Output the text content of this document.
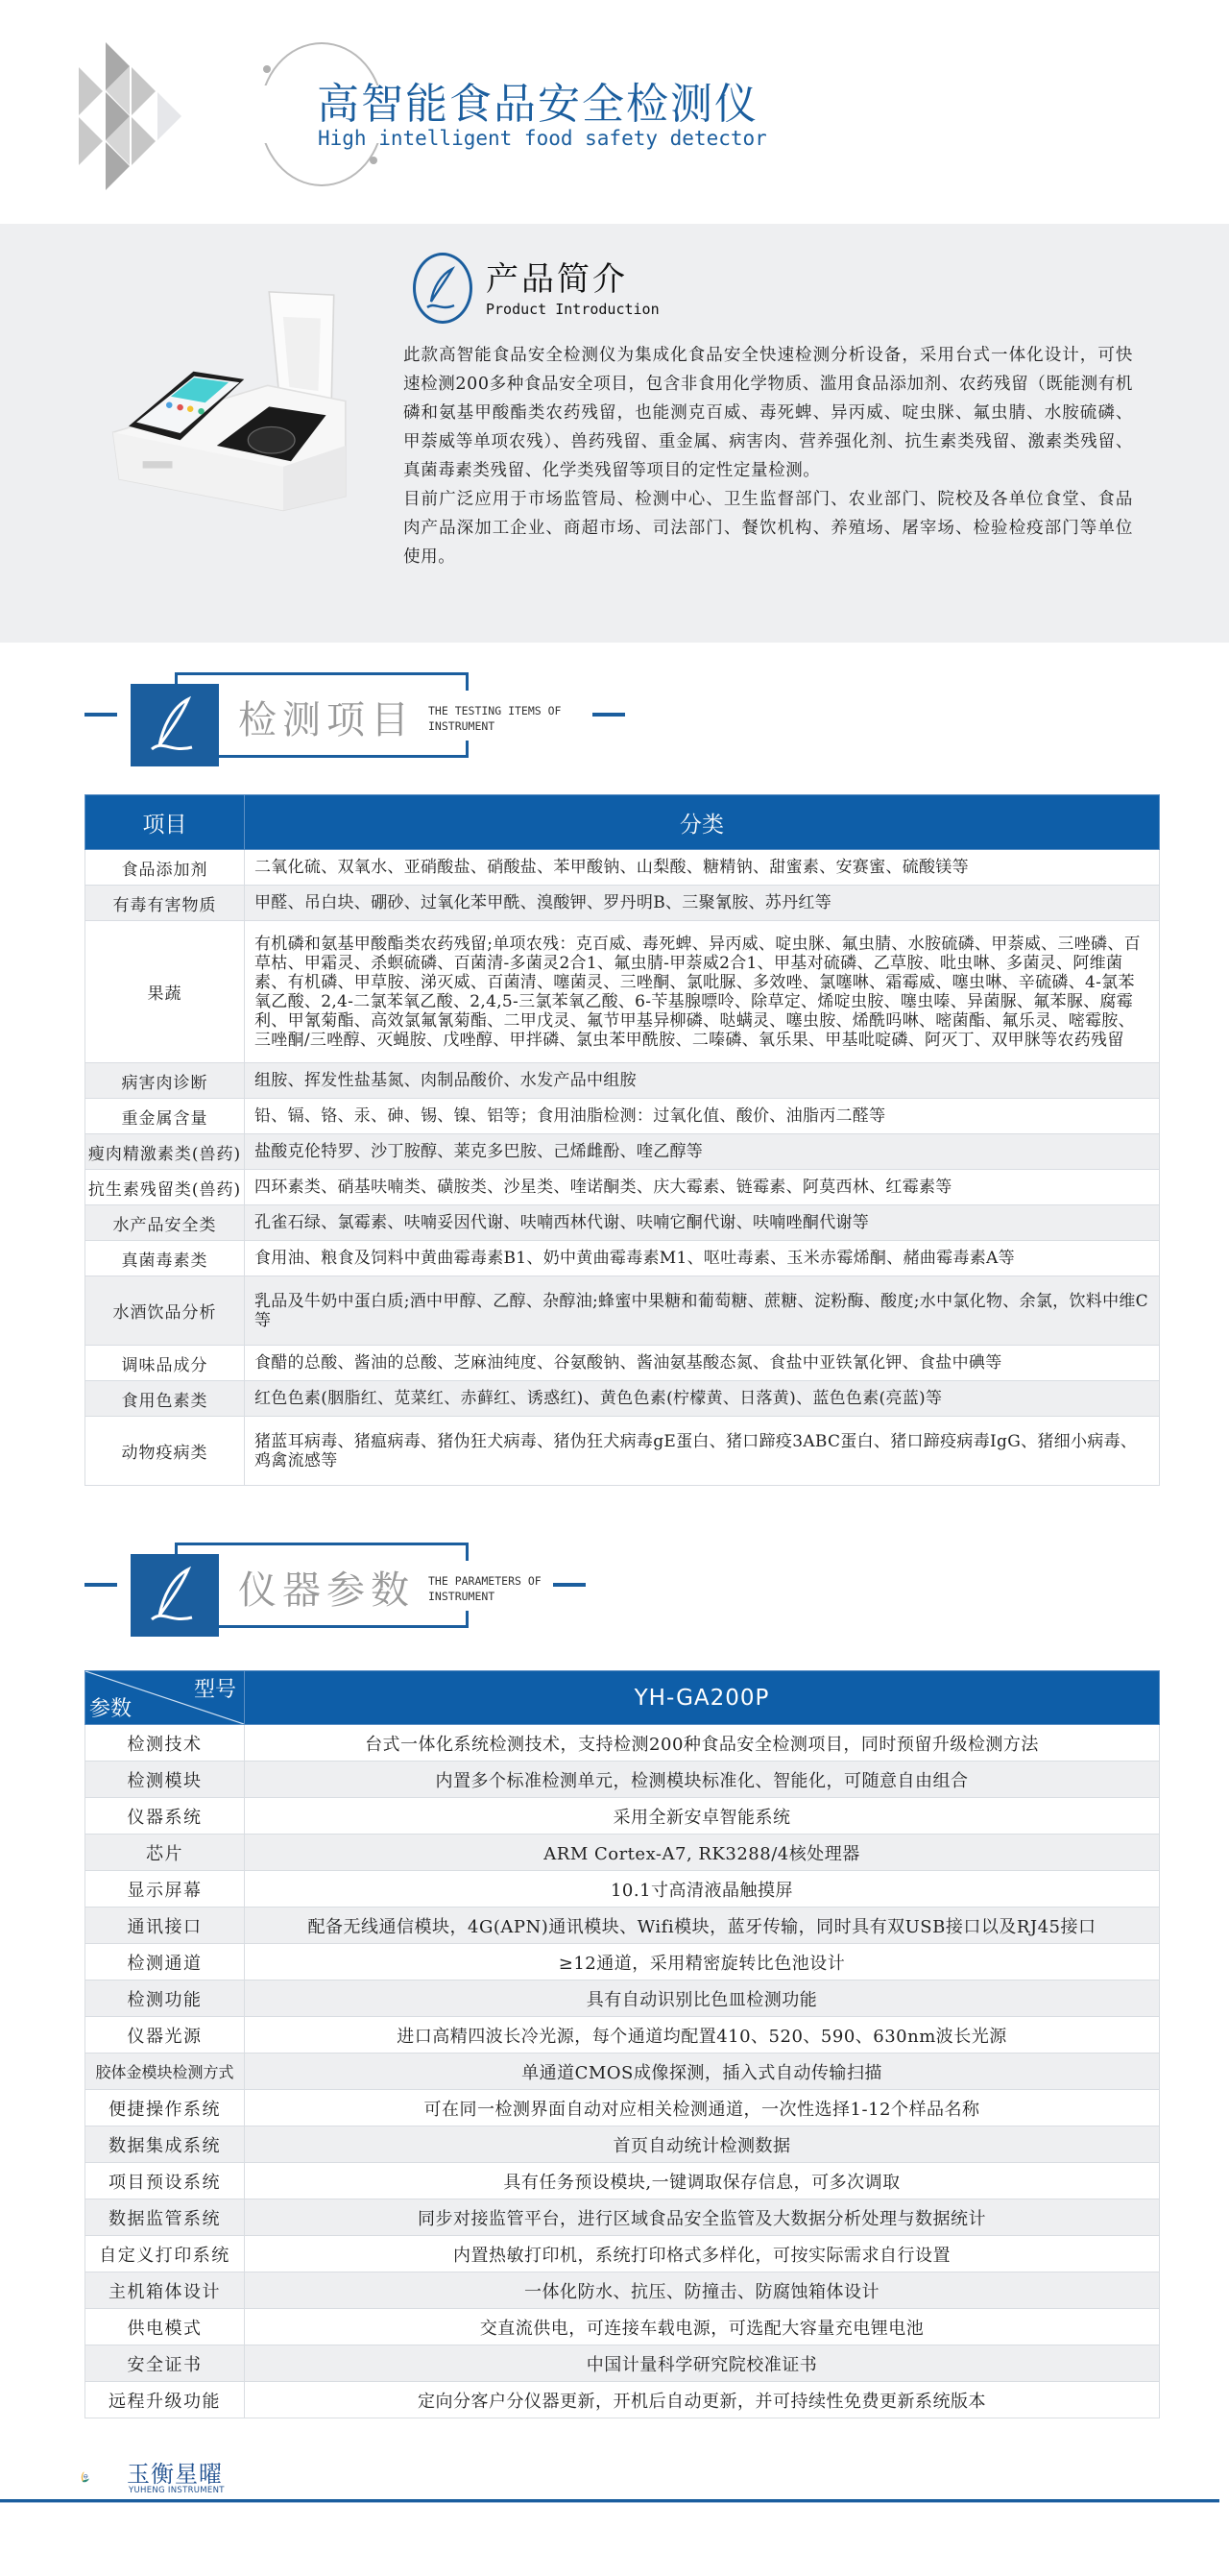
高智能食品安全检测仪
High intelligent food safety detector
产品简介
Product Introduction

此款高智能食品安全检测仪为集成化食品安全快速检测分析设备，采用台式一体化设计，可快速检测200多种食品安全项目，包含非食用化学物质、滥用食品添加剂、农药残留（既能测有机磷和氨基甲酸酯类农药残留，也能测克百威、毒死蜱、异丙威、啶虫脒、氟虫腈、水胺硫磷、甲萘威等单项农残）、兽药残留、重金属、病害肉、营养强化剂、抗生素类残留、激素类残留、真菌毒素类残留、化学类残留等项目的定性定量检测。

目前广泛应用于市场监管局、检测中心、卫生监督部门、农业部门、院校及各单位食堂、食品肉产品深加工企业、商超市场、司法部门、餐饮机构、养殖场、屠宰场、检验检疫部门等单位使用。

检测项目 THE TESTING ITEMS OF
INSTRUMENT
项目	分类
食品添加剂	二氧化硫、双氧水、亚硝酸盐、硝酸盐、苯甲酸钠、山梨酸、糖精钠、甜蜜素、安赛蜜、硫酸镁等
有毒有害物质	甲醛、吊白块、硼砂、过氧化苯甲酰、溴酸钾、罗丹明B、三聚氰胺、苏丹红等
果蔬	有机磷和氨基甲酸酯类农药残留;单项农残：克百威、毒死蜱、异丙威、啶虫脒、氟虫腈、水胺硫磷、甲萘威、三唑磷、百草枯、甲霜灵、杀螟硫磷、百菌清-多菌灵2合1、氟虫腈-甲萘威2合1、甲基对硫磷、乙草胺、吡虫啉、多菌灵、阿维菌素、有机磷、甲草胺、涕灭威、百菌清、噻菌灵、三唑酮、氯吡脲、多效唑、氯噻啉、霜霉威、噻虫啉、辛硫磷、4-氯苯氧乙酸、2,4-二氯苯氧乙酸、2,4,5-三氯苯氧乙酸、6-苄基腺嘌呤、除草定、烯啶虫胺、噻虫嗪、异菌脲、氟苯脲、腐霉利、甲氰菊酯、高效氯氟氰菊酯、二甲戊灵、氟节甲基异柳磷、哒螨灵、噻虫胺、烯酰吗啉、嘧菌酯、氟乐灵、嘧霉胺、三唑酮/三唑醇、灭蝇胺、戊唑醇、甲拌磷、氯虫苯甲酰胺、二嗪磷、氧乐果、甲基吡啶磷、阿灭丁、双甲脒等农药残留
病害肉诊断	组胺、挥发性盐基氮、肉制品酸价、水发产品中组胺
重金属含量	铅、镉、铬、汞、砷、锡、镍、铝等；食用油脂检测：过氧化值、酸价、油脂丙二醛等
瘦肉精激素类(兽药)	盐酸克伦特罗、沙丁胺醇、莱克多巴胺、己烯雌酚、喹乙醇等
抗生素残留类(兽药)	四环素类、硝基呋喃类、磺胺类、沙星类、喹诺酮类、庆大霉素、链霉素、阿莫西林、红霉素等
水产品安全类	孔雀石绿、氯霉素、呋喃妥因代谢、呋喃西林代谢、呋喃它酮代谢、呋喃唑酮代谢等
真菌毒素类	食用油、粮食及饲料中黄曲霉毒素B1、奶中黄曲霉毒素M1、呕吐毒素、玉米赤霉烯酮、赭曲霉毒素A等
水酒饮品分析	乳品及牛奶中蛋白质;酒中甲醇、乙醇、杂醇油;蜂蜜中果糖和葡萄糖、蔗糖、淀粉酶、酸度;水中氯化物、余氯，饮料中维C等
调味品成分	食醋的总酸、酱油的总酸、芝麻油纯度、谷氨酸钠、酱油氨基酸态氮、食盐中亚铁氰化钾、食盐中碘等
食用色素类	红色色素(胭脂红、苋菜红、赤藓红、诱惑红)、黄色色素(柠檬黄、日落黄)、蓝色色素(亮蓝)等
动物疫病类	猪蓝耳病毒、猪瘟病毒、猪伪狂犬病毒、猪伪狂犬病毒gE蛋白、猪口蹄疫3ABC蛋白、猪口蹄疫病毒IgG、猪细小病毒、鸡禽流感等
仪器参数 THE PARAMETERS OF
INSTRUMENT
型号
参数	YH-GA200P
检测技术	台式一体化系统检测技术，支持检测200种食品安全检测项目，同时预留升级检测方法
检测模块	内置多个标准检测单元，检测模块标准化、智能化，可随意自由组合
仪器系统	采用全新安卓智能系统
芯片	ARM Cortex-A7, RK3288/4核处理器
显示屏幕	10.1寸高清液晶触摸屏
通讯接口	配备无线通信模块，4G(APN)通讯模块、Wifi模块，蓝牙传输，同时具有双USB接口以及RJ45接口
检测通道	≥12通道，采用精密旋转比色池设计
检测功能	具有自动识别比色皿检测功能
仪器光源	进口高精四波长冷光源，每个通道均配置410、520、590、630nm波长光源
胶体金模块检测方式	单通道CMOS成像探测，插入式自动传输扫描
便捷操作系统	可在同一检测界面自动对应相关检测通道，一次性选择1-12个样品名称
数据集成系统	首页自动统计检测数据
项目预设系统	具有任务预设模块,一键调取保存信息，可多次调取
数据监管系统	同步对接监管平台，进行区域食品安全监管及大数据分析处理与数据统计
自定义打印系统	内置热敏打印机，系统打印格式多样化，可按实际需求自行设置
主机箱体设计	一体化防水、抗压、防撞击、防腐蚀箱体设计
供电模式	交直流供电，可连接车载电源，可选配大容量充电锂电池
安全证书	中国计量科学研究院校准证书
远程升级功能	定向分客户分仪器更新，开机后自动更新，并可持续性免费更新系统版本
玉衡星曜
YUHENG INSTRUMENT
